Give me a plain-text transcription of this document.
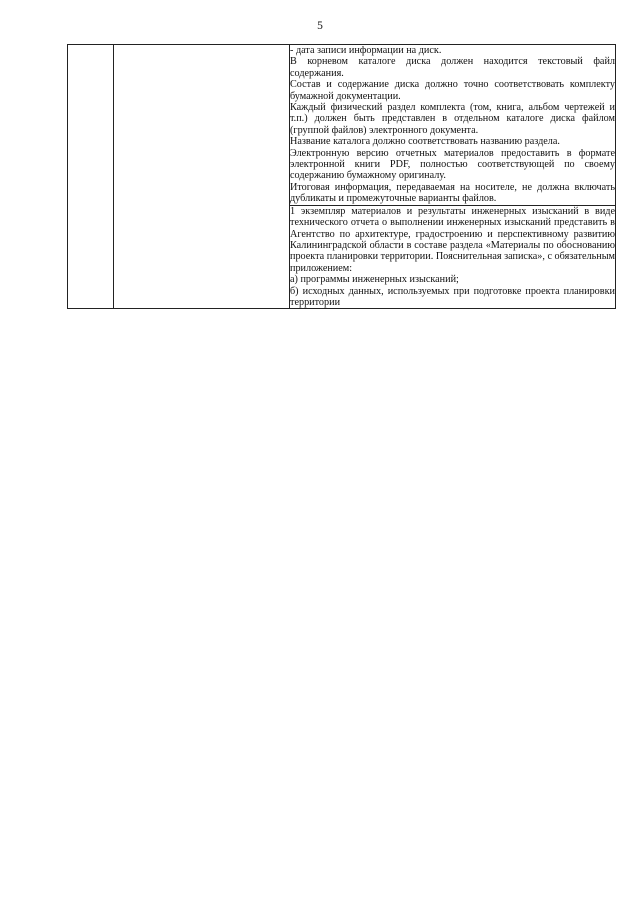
5

- дата записи информации на диск.

В корневом каталоге диска должен находится текстовый файл содержания.

Состав и содержание диска должно точно соответствовать комплекту бумажной документации.

Каждый физический раздел комплекта (том, книга, альбом чертежей и т.п.) должен быть представлен в отдельном каталоге диска файлом (группой файлов) электронного документа.

Название каталога должно соответствовать названию раздела.

Электронную версию отчетных материалов предоставить в формате электронной книги PDF, полностью соответствующей по своему содержанию бумажному оригиналу.

Итоговая информация, передаваемая на носителе, не должна включать дубликаты и промежуточные варианты файлов.

1 экземпляр материалов и результаты инженерных изысканий в виде технического отчета о выполнении инженерных изысканий представить в Агентство по архитектуре, градостроению и перспективному развитию Калининградской области в составе раздела «Материалы по обоснованию проекта планировки территории. Пояснительная записка», с обязательным приложением:

а) программы инженерных изысканий;

б) исходных данных, используемых при подготовке проекта планировки территории
